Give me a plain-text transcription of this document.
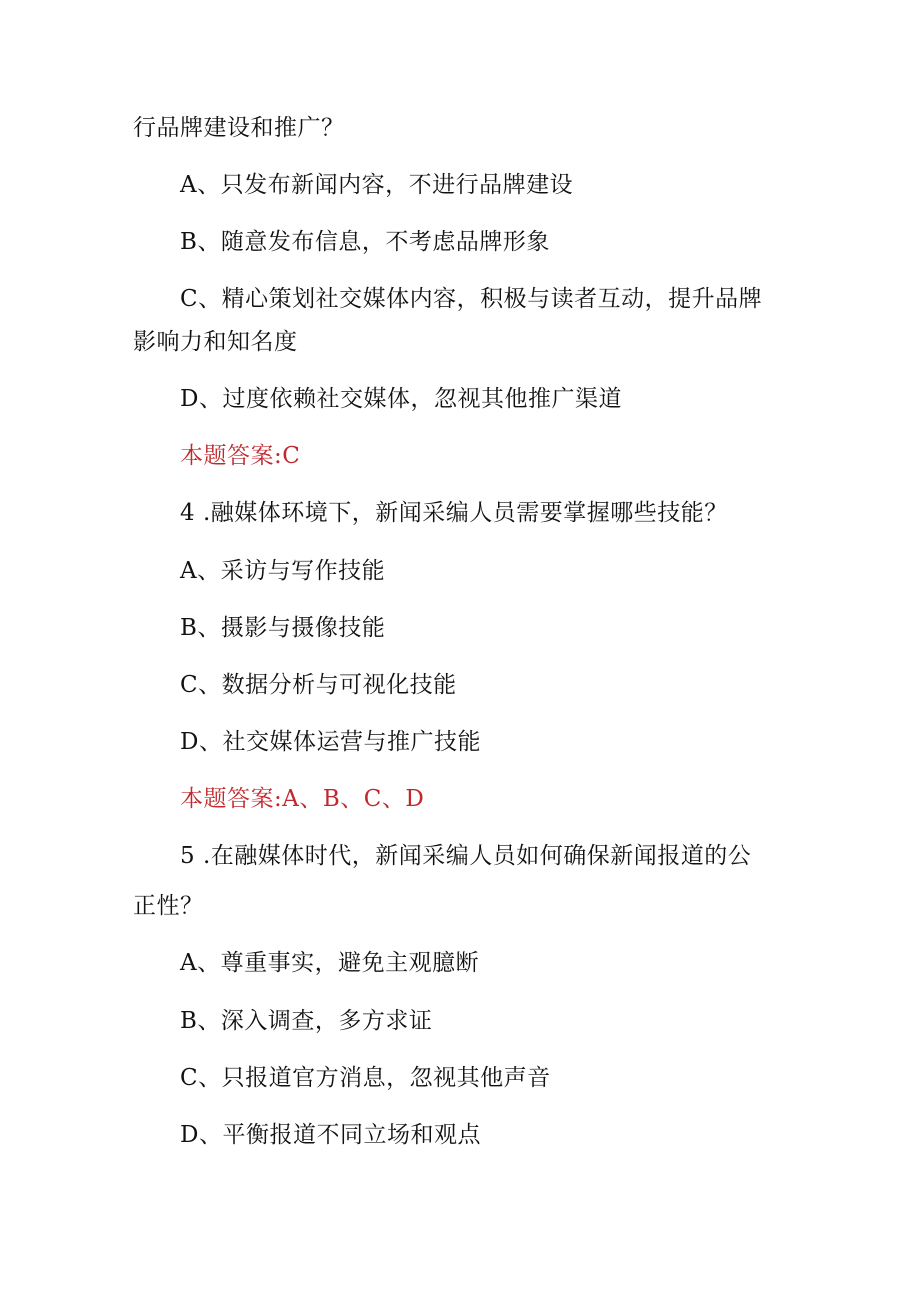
行品牌建设和推广？
A、只发布新闻内容，不进行品牌建设
B、随意发布信息，不考虑品牌形象
C、精心策划社交媒体内容，积极与读者互动，提升品牌
影响力和知名度
D、过度依赖社交媒体，忽视其他推广渠道
本题答案:C
4 .融媒体环境下，新闻采编人员需要掌握哪些技能？
A、采访与写作技能
B、摄影与摄像技能
C、数据分析与可视化技能
D、社交媒体运营与推广技能
本题答案:A、B、C、D
5 .在融媒体时代，新闻采编人员如何确保新闻报道的公
正性？
A、尊重事实，避免主观臆断
B、深入调查，多方求证
C、只报道官方消息，忽视其他声音
D、平衡报道不同立场和观点
